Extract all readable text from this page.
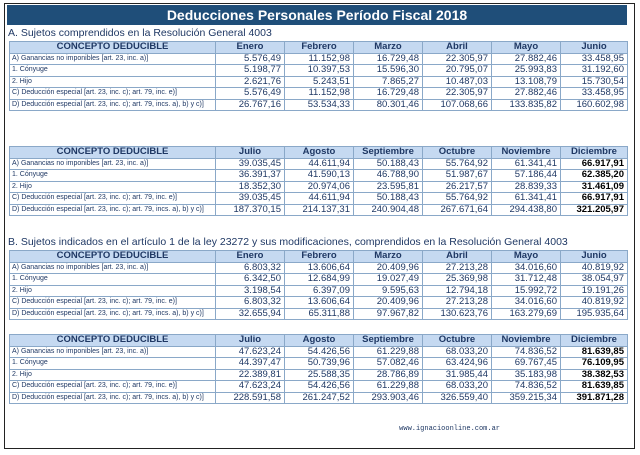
Deducciones Personales Período Fiscal 2018
A. Sujetos comprendidos en la Resolución General 4003
CONCEPTO DEDUCIBLE	Enero	Febrero	Marzo	Abril	Mayo	Junio
A) Ganancias no imponibles [art. 23, inc. a)]	5.576,49	11.152,98	16.729,48	22.305,97	27.882,46	33.458,95
1. Cónyuge	5.198,77	10.397,53	15.596,30	20.795,07	25.993,83	31.192,60
2. Hijo	2.621,76	5.243,51	7.865,27	10.487,03	13.108,79	15.730,54
C) Deducción especial [art. 23, inc. c); art. 79, inc. e)]	5.576,49	11.152,98	16.729,48	22.305,97	27.882,46	33.458,95
D) Deducción especial [art. 23, inc. c); art. 79, incs. a), b) y c)]	26.767,16	53.534,33	80.301,46	107.068,66	133.835,82	160.602,98
CONCEPTO DEDUCIBLE	Julio	Agosto	Septiembre	Octubre	Noviembre	Diciembre
A) Ganancias no imponibles [art. 23, inc. a)]	39.035,45	44.611,94	50.188,43	55.764,92	61.341,41	66.917,91
1. Cónyuge	36.391,37	41.590,13	46.788,90	51.987,67	57.186,44	62.385,20
2. Hijo	18.352,30	20.974,06	23.595,81	26.217,57	28.839,33	31.461,09
C) Deducción especial [art. 23, inc. c); art. 79, inc. e)]	39.035,45	44.611,94	50.188,43	55.764,92	61.341,41	66.917,91
D) Deducción especial [art. 23, inc. c); art. 79, incs. a), b) y c)]	187.370,15	214.137,31	240.904,48	267.671,64	294.438,80	321.205,97
B. Sujetos indicados en el artículo 1 de la ley 23272 y sus modificaciones, comprendidos en la Resolución General 4003
CONCEPTO DEDUCIBLE	Enero	Febrero	Marzo	Abril	Mayo	Junio
A) Ganancias no imponibles [art. 23, inc. a)]	6.803,32	13.606,64	20.409,96	27.213,28	34.016,60	40.819,92
1. Cónyuge	6.342,50	12.684,99	19.027,49	25.369,98	31.712,48	38.054,97
2. Hijo	3.198,54	6.397,09	9.595,63	12.794,18	15.992,72	19.191,26
C) Deducción especial [art. 23, inc. c); art. 79, inc. e)]	6.803,32	13.606,64	20.409,96	27.213,28	34.016,60	40.819,92
D) Deducción especial [art. 23, inc. c); art. 79, incs. a), b) y c)]	32.655,94	65.311,88	97.967,82	130.623,76	163.279,69	195.935,64
CONCEPTO DEDUCIBLE	Julio	Agosto	Septiembre	Octubre	Noviembre	Diciembre
A) Ganancias no imponibles [art. 23, inc. a)]	47.623,24	54.426,56	61.229,88	68.033,20	74.836,52	81.639,85
1. Cónyuge	44.397,47	50.739,96	57.082,46	63.424,96	69.767,45	76.109,95
2. Hijo	22.389,81	25.588,35	28.786,89	31.985,44	35.183,98	38.382,53
C) Deducción especial [art. 23, inc. c); art. 79, inc. e)]	47.623,24	54.426,56	61.229,88	68.033,20	74.836,52	81.639,85
D) Deducción especial [art. 23, inc. c); art. 79, incs. a), b) y c)]	228.591,58	261.247,52	293.903,46	326.559,40	359.215,34	391.871,28
www.ignacioonline.com.ar
